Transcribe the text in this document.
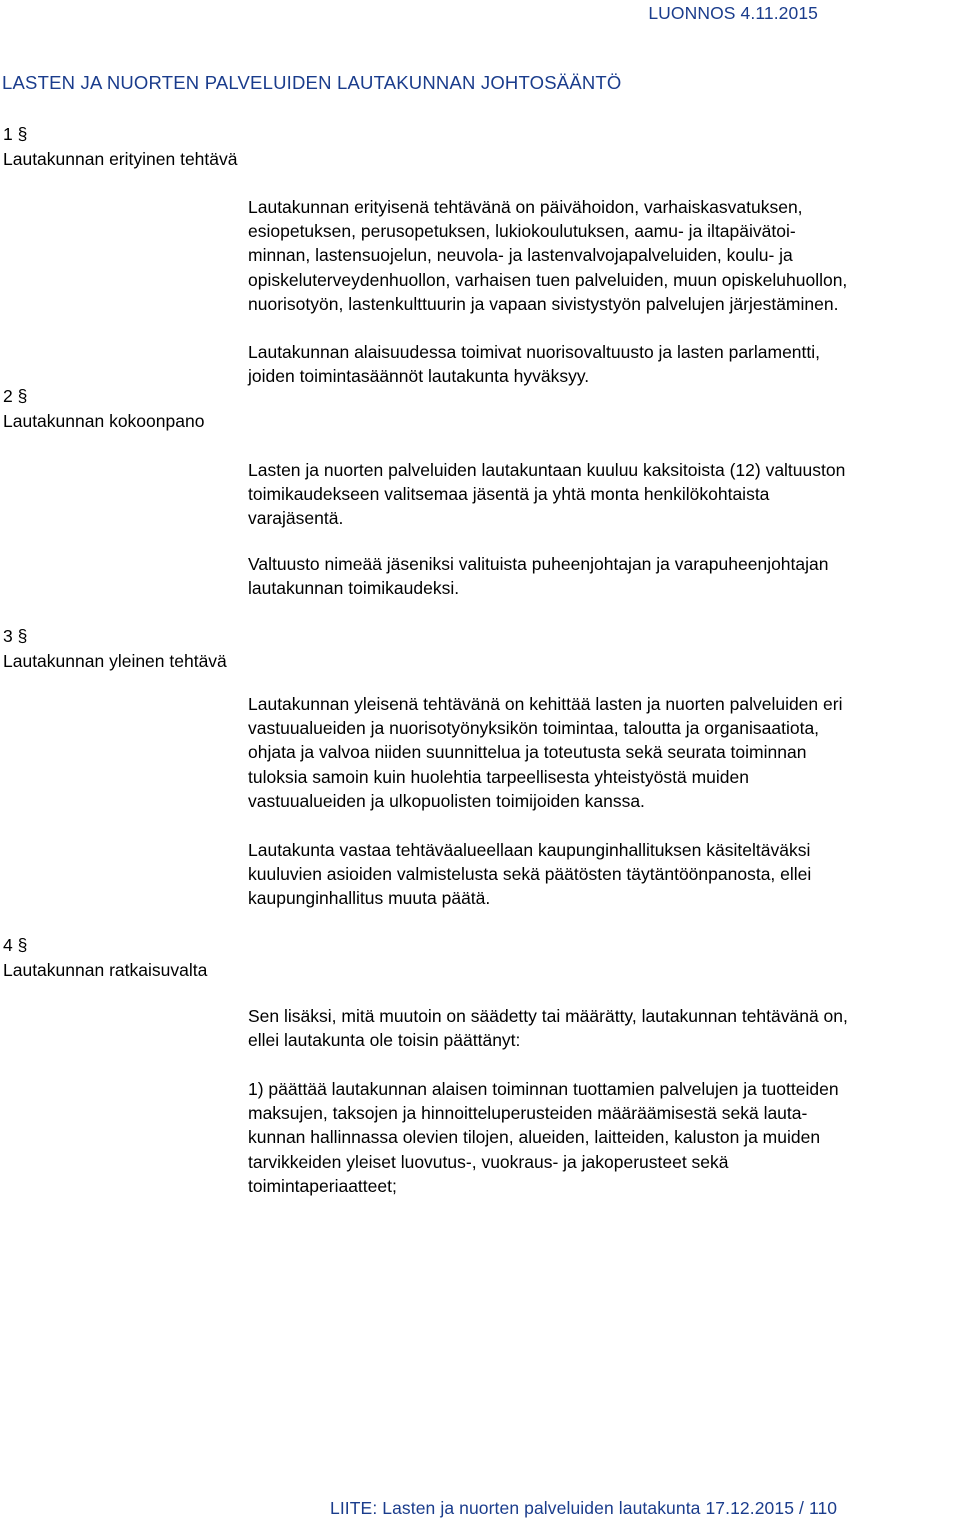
LUONNOS 4.11.2015
LASTEN JA NUORTEN PALVELUIDEN LAUTAKUNNAN JOHTOSÄÄNTÖ
1 §
Lautakunnan erityinen tehtävä
Lautakunnan erityisenä tehtävänä on päivähoidon, varhaiskasvatuksen,
esiopetuksen, perusopetuksen, lukiokoulutuksen, aamu- ja iltapäivätoi-
minnan, lastensuojelun, neuvola- ja lastenvalvojapalveluiden, koulu- ja
opiskeluterveydenhuollon, varhaisen tuen palveluiden, muun opiskeluhuollon,
nuorisotyön, lastenkulttuurin ja vapaan sivistystyön palvelujen järjestäminen.
Lautakunnan alaisuudessa toimivat nuorisovaltuusto ja lasten parlamentti,
joiden toimintasäännöt lautakunta hyväksyy.
2 §
Lautakunnan kokoonpano
Lasten ja nuorten palveluiden lautakuntaan kuuluu kaksitoista (12) valtuuston
toimikaudekseen valitsemaa jäsentä ja yhtä monta henkilökohtaista
varajäsentä.
Valtuusto nimeää jäseniksi valituista puheenjohtajan ja varapuheenjohtajan
lautakunnan toimikaudeksi.
3 §
Lautakunnan yleinen tehtävä
Lautakunnan yleisenä tehtävänä on kehittää lasten ja nuorten palveluiden eri
vastuualueiden ja nuorisotyönyksikön toimintaa, taloutta ja organisaatiota,
ohjata ja valvoa niiden suunnittelua ja toteutusta sekä seurata toiminnan
tuloksia samoin kuin huolehtia tarpeellisesta yhteistyöstä muiden
vastuualueiden ja ulkopuolisten toimijoiden kanssa.
Lautakunta vastaa tehtäväalueellaan kaupunginhallituksen käsiteltäväksi
kuuluvien asioiden valmistelusta sekä päätösten täytäntöönpanosta, ellei
kaupunginhallitus muuta päätä.
4 §
Lautakunnan ratkaisuvalta
Sen lisäksi, mitä muutoin on säädetty tai määrätty, lautakunnan tehtävänä on,
ellei lautakunta ole toisin päättänyt:
1) päättää lautakunnan alaisen toiminnan tuottamien palvelujen ja tuotteiden
maksujen, taksojen ja hinnoitteluperusteiden määräämisestä sekä lauta-
kunnan hallinnassa olevien tilojen, alueiden, laitteiden, kaluston ja muiden
tarvikkeiden yleiset luovutus-, vuokraus- ja jakoperusteet sekä
toimintaperiaatteet;
LIITE: Lasten ja nuorten palveluiden lautakunta 17.12.2015 / 110
